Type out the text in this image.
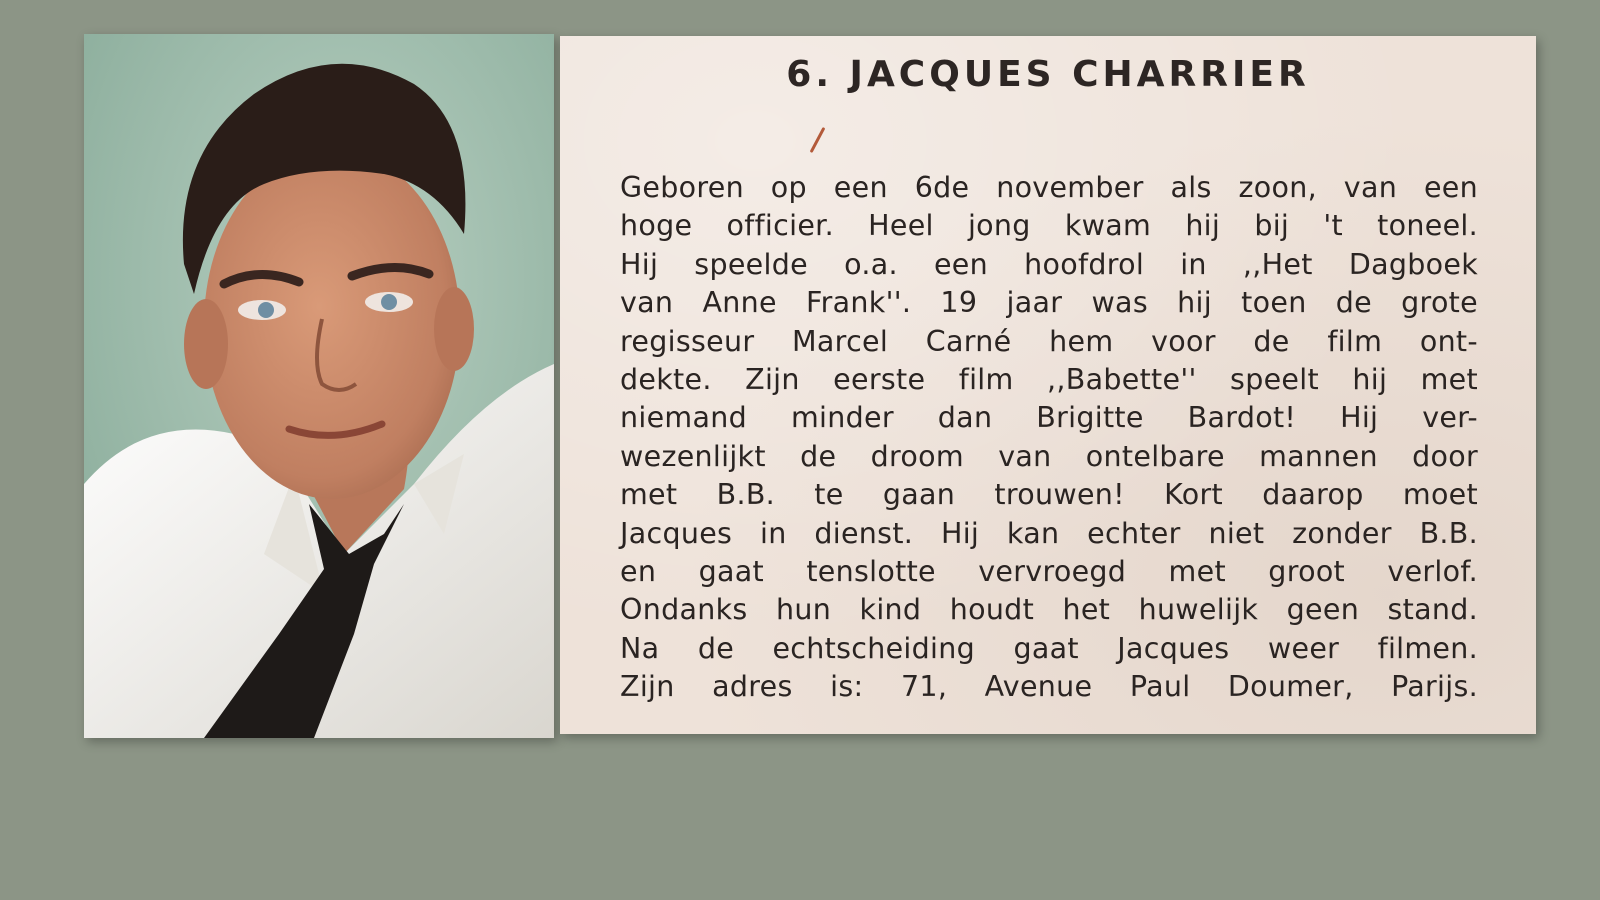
6. JACQUES CHARRIER
Geboren op een 6de november als zoon, van een
hoge officier. Heel jong kwam hij bij 't toneel.
Hij speelde o.a. een hoofdrol in ,,Het Dagboek
van Anne Frank''. 19 jaar was hij toen de grote
regisseur Marcel Carné hem voor de film ont-
dekte. Zijn eerste film ,,Babette'' speelt hij met
niemand minder dan Brigitte Bardot! Hij ver-
wezenlijkt de droom van ontelbare mannen door
met B.B. te gaan trouwen! Kort daarop moet
Jacques in dienst. Hij kan echter niet zonder B.B.
en gaat tenslotte vervroegd met groot verlof.
Ondanks hun kind houdt het huwelijk geen stand.
Na de echtscheiding gaat Jacques weer filmen.
Zijn adres is: 71, Avenue Paul Doumer, Parijs.
